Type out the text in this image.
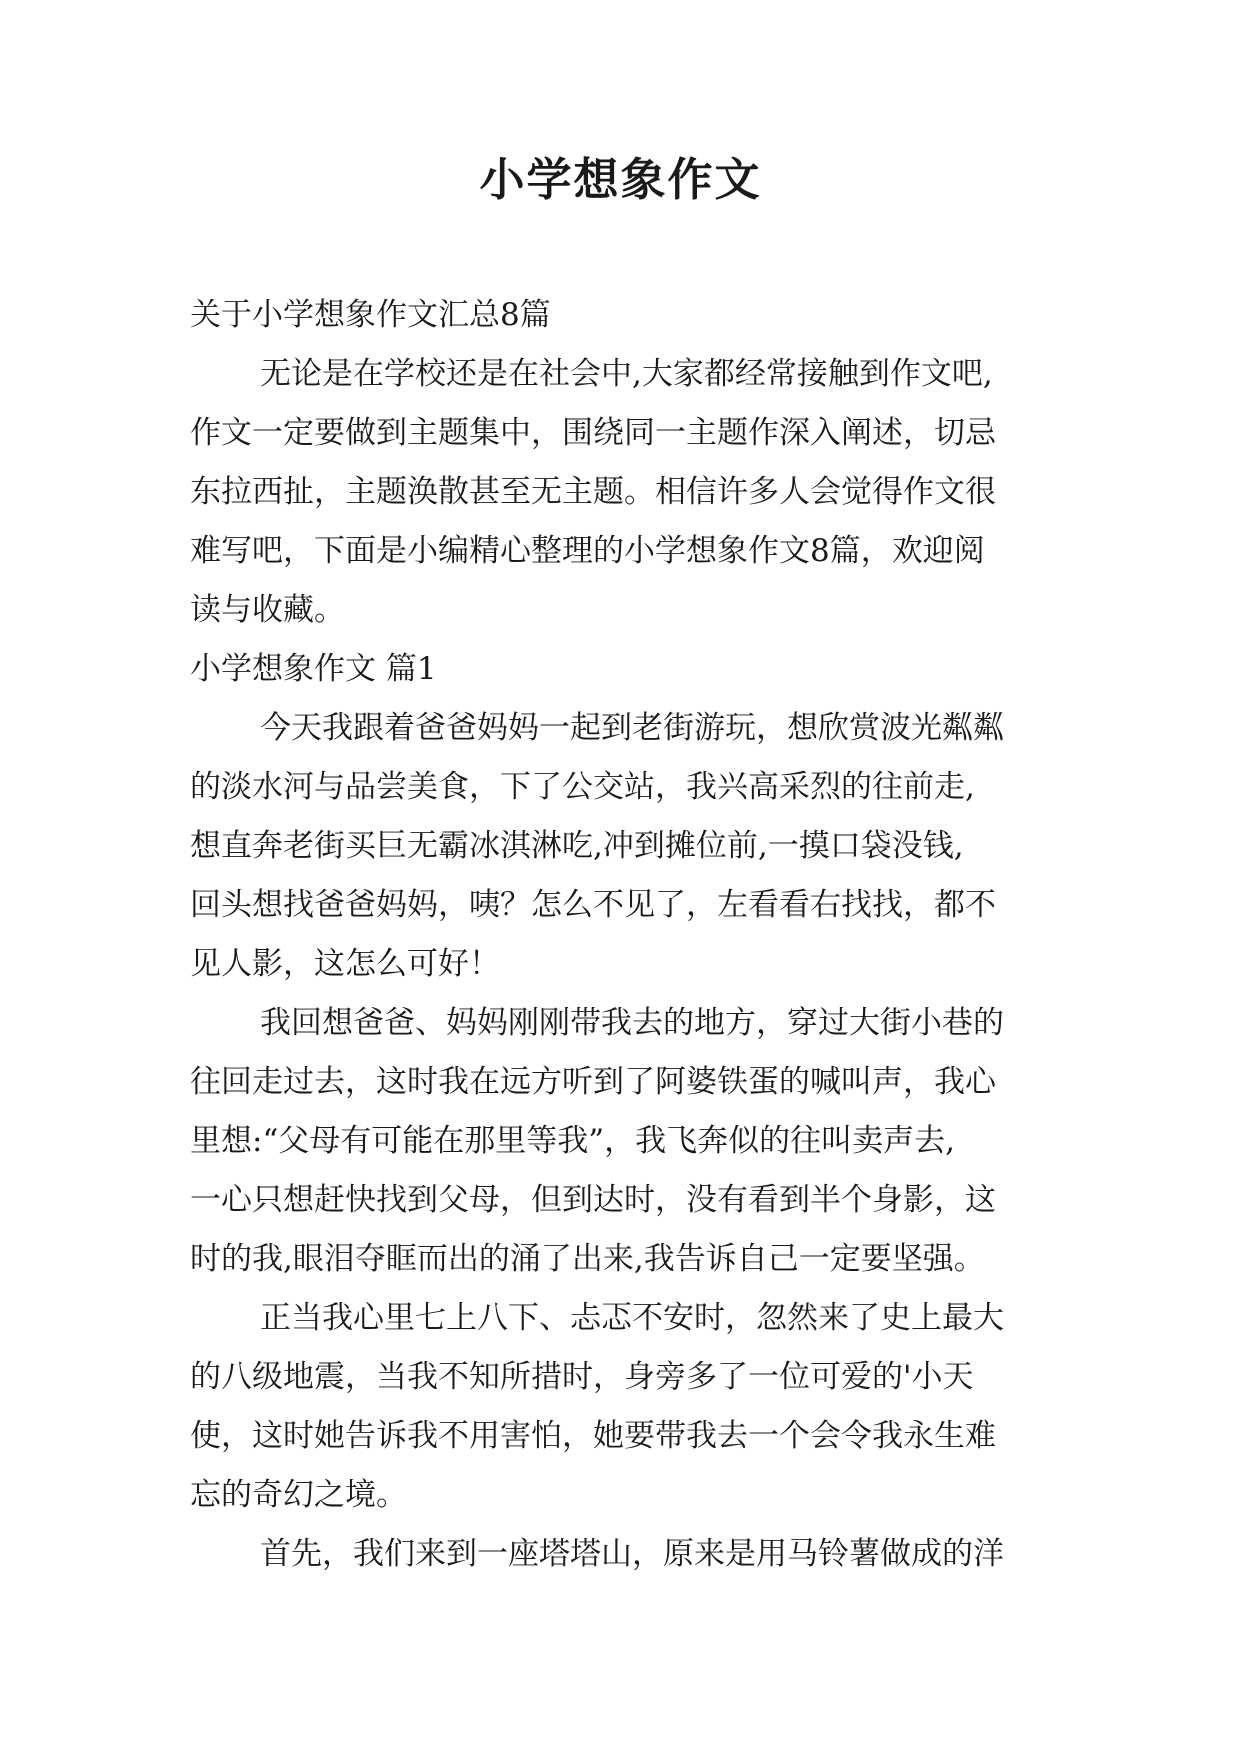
小学想象作文
关于小学想象作文汇总8篇
无论是在学校还是在社会中,大家都经常接触到作文吧,
作文一定要做到主题集中，围绕同一主题作深入阐述，切忌
东拉西扯，主题涣散甚至无主题。相信许多人会觉得作文很
难写吧，下面是小编精心整理的小学想象作文8篇，欢迎阅
读与收藏。
小学想象作文 篇1
今天我跟着爸爸妈妈一起到老街游玩，想欣赏波光粼粼
的淡水河与品尝美食，下了公交站，我兴高采烈的往前走,
想直奔老街买巨无霸冰淇淋吃,冲到摊位前,一摸口袋没钱,
回头想找爸爸妈妈，咦？怎么不见了，左看看右找找，都不
见人影，这怎么可好！
我回想爸爸、妈妈刚刚带我去的地方，穿过大街小巷的
往回走过去，这时我在远方听到了阿婆铁蛋的喊叫声，我心
里想:“父母有可能在那里等我”，我飞奔似的往叫卖声去,
一心只想赶快找到父母，但到达时，没有看到半个身影，这
时的我,眼泪夺眶而出的涌了出来,我告诉自己一定要坚强。
正当我心里七上八下、忐忑不安时，忽然来了史上最大
的八级地震，当我不知所措时，身旁多了一位可爱的'小天
使，这时她告诉我不用害怕，她要带我去一个会令我永生难
忘的奇幻之境。
首先，我们来到一座塔塔山，原来是用马铃薯做成的洋
